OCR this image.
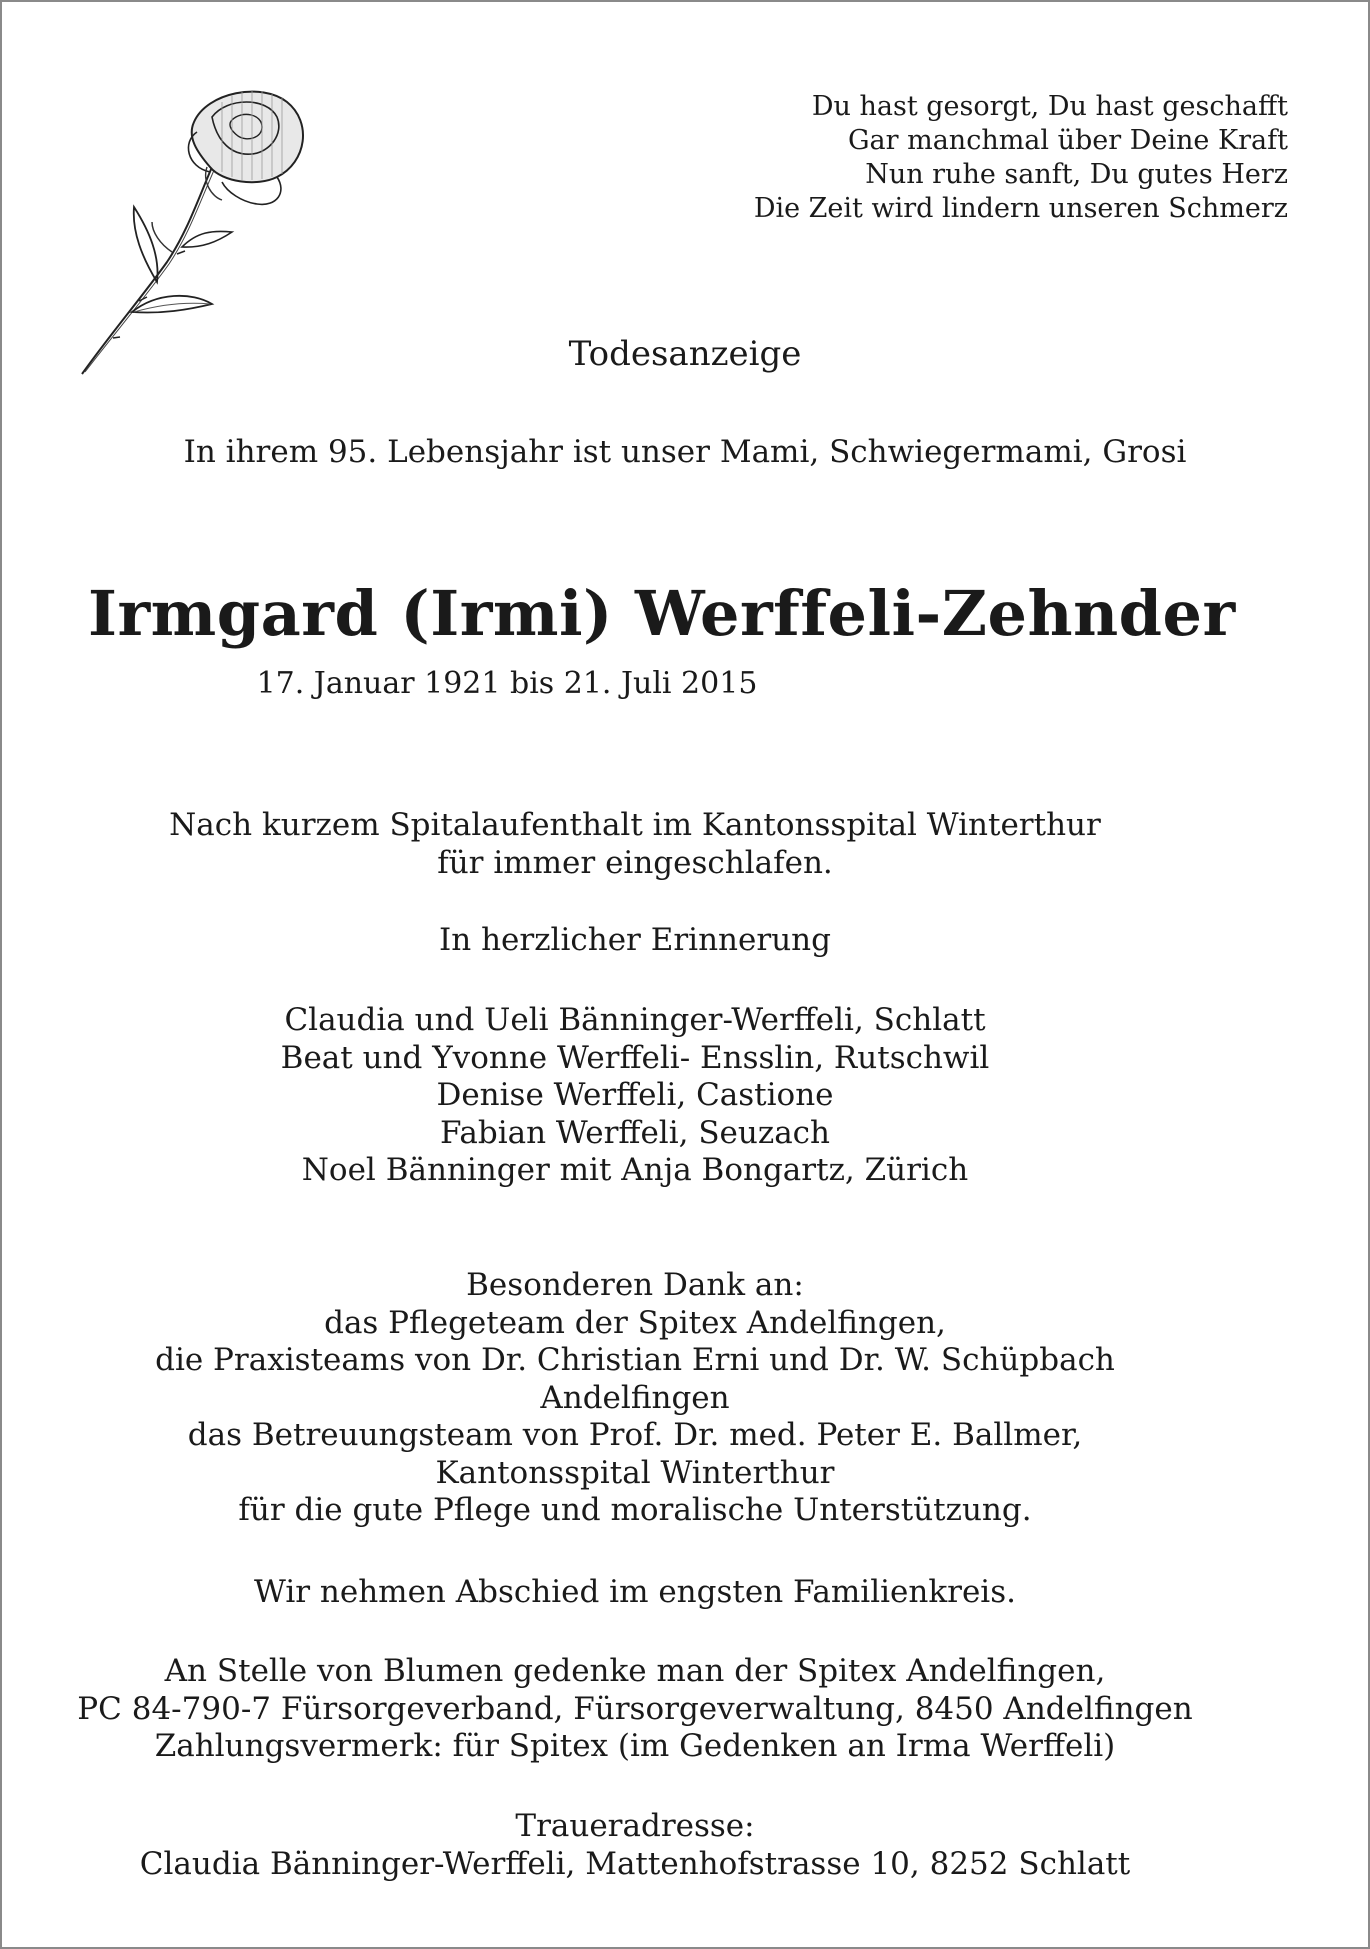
Du hast gesorgt, Du hast geschafft
Gar manchmal über Deine Kraft
Nun ruhe sanft, Du gutes Herz
Die Zeit wird lindern unseren Schmerz
Todesanzeige
In ihrem 95. Lebensjahr ist unser Mami, Schwiegermami, Grosi
Irmgard (Irmi) Werffeli-Zehnder
17. Januar 1921 bis 21. Juli 2015
Nach kurzem Spitalaufenthalt im Kantonsspital Winterthur
für immer eingeschlafen.
In herzlicher Erinnerung
Claudia und Ueli Bänninger-Werffeli, Schlatt
Beat und Yvonne Werffeli- Ensslin, Rutschwil
Denise Werffeli, Castione
Fabian Werffeli, Seuzach
Noel Bänninger mit Anja Bongartz, Zürich
Besonderen Dank an:
das Pflegeteam der Spitex Andelfingen,
die Praxisteams von Dr. Christian Erni und Dr. W. Schüpbach
Andelfingen
das Betreuungsteam von Prof. Dr. med. Peter E. Ballmer,
Kantonsspital Winterthur
für die gute Pflege und moralische Unterstützung.
Wir nehmen Abschied im engsten Familienkreis.
An Stelle von Blumen gedenke man der Spitex Andelfingen,
PC 84-790-7 Fürsorgeverband, Fürsorgeverwaltung, 8450 Andelfingen
Zahlungsvermerk: für Spitex (im Gedenken an Irma Werffeli)
Traueradresse:
Claudia Bänninger-Werffeli, Mattenhofstrasse 10, 8252 Schlatt
